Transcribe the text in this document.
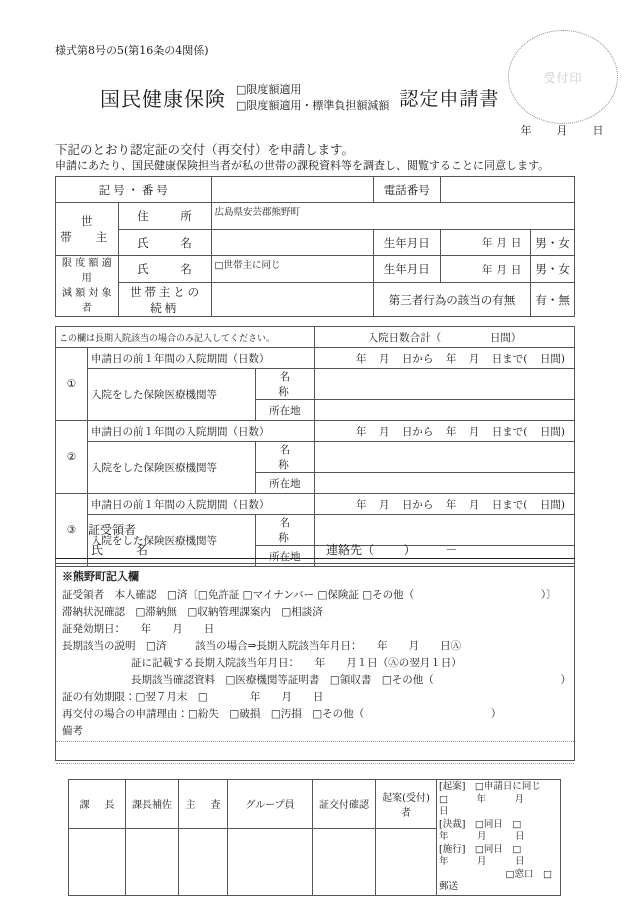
様式第8号の5(第16条の4関係)
国民健康保険 □限度額適用
□限度額適用・標準負担額減額 認定申請書
受付印
年 月 日
下記のとおり認定証の交付（再交付）を申請します。
申請にあたり、国民健康保険担当者が私の世帯の課税資料等を調査し、閲覧することに同意します。
記号・番号			電話番号		
世　帯　主	住　　所	広島県安芸郡熊野町			
	氏　　名		生年月日	年 月 日	男・女
限 度 額 適 用
減 額 対 象 者	氏　　名	□世帯主に同じ	生年月日	年 月 日	男・女
	世帯主との続柄		第三者行為の該当の有無		有・無
この欄は長期入院該当の場合のみ記入してください。			入院日数合計（ 日間）
①	申請日の前１年間の入院期間（日数）	年 月 日から 年 月 日まで( 日間)

	入院をした保険医療機関等	名　　称	
		所在地	
②	申請日の前１年間の入院期間（日数）	年 月 日から 年 月 日まで( 日間)

	入院をした保険医療機関等	名　　称	
		所在地	
③	申請日の前１年間の入院期間（日数）	年 月 日から 年 月 日まで( 日間)

	入院をした保険医療機関等	名　　称	
		所在地	
証受領者
氏　　名	連絡先（ ） －
※熊野町記入欄
証受領者　本人確認　□済〔□免許証 □マイナンバー □保険証 □その他（	）〕
滞納状況確認　□滞納無　□収納管理課案内　□相談済
証発効期日：　　年　　月　　日
長期該当の説明　□済	該当の場合⇒長期入院該当年月日：　　年　　月　　日Ⓐ
証に記載する長期入院該当年月日：　　年　　月１日（Ⓐの翌月１日）
長期該当確認資料　□医療機関等証明書　□領収書　□その他（	）
証の有効期限：□翌７月末　□　　　　年　　月　　日
再交付の場合の申請理由：□紛失　□破損　□汚損　□その他（	）
備考
課　長	課長補佐	主　査	グループ員	証交付確認	起案(受付)者	[起案]　□申請日に同じ　□　　　年　　　月　　　日
[決裁]　□同日　□　　　年　　　月　　　日
[施行]　□同日　□　　　年　　　月　　　日
　　　　　　　□窓口　□郵送
